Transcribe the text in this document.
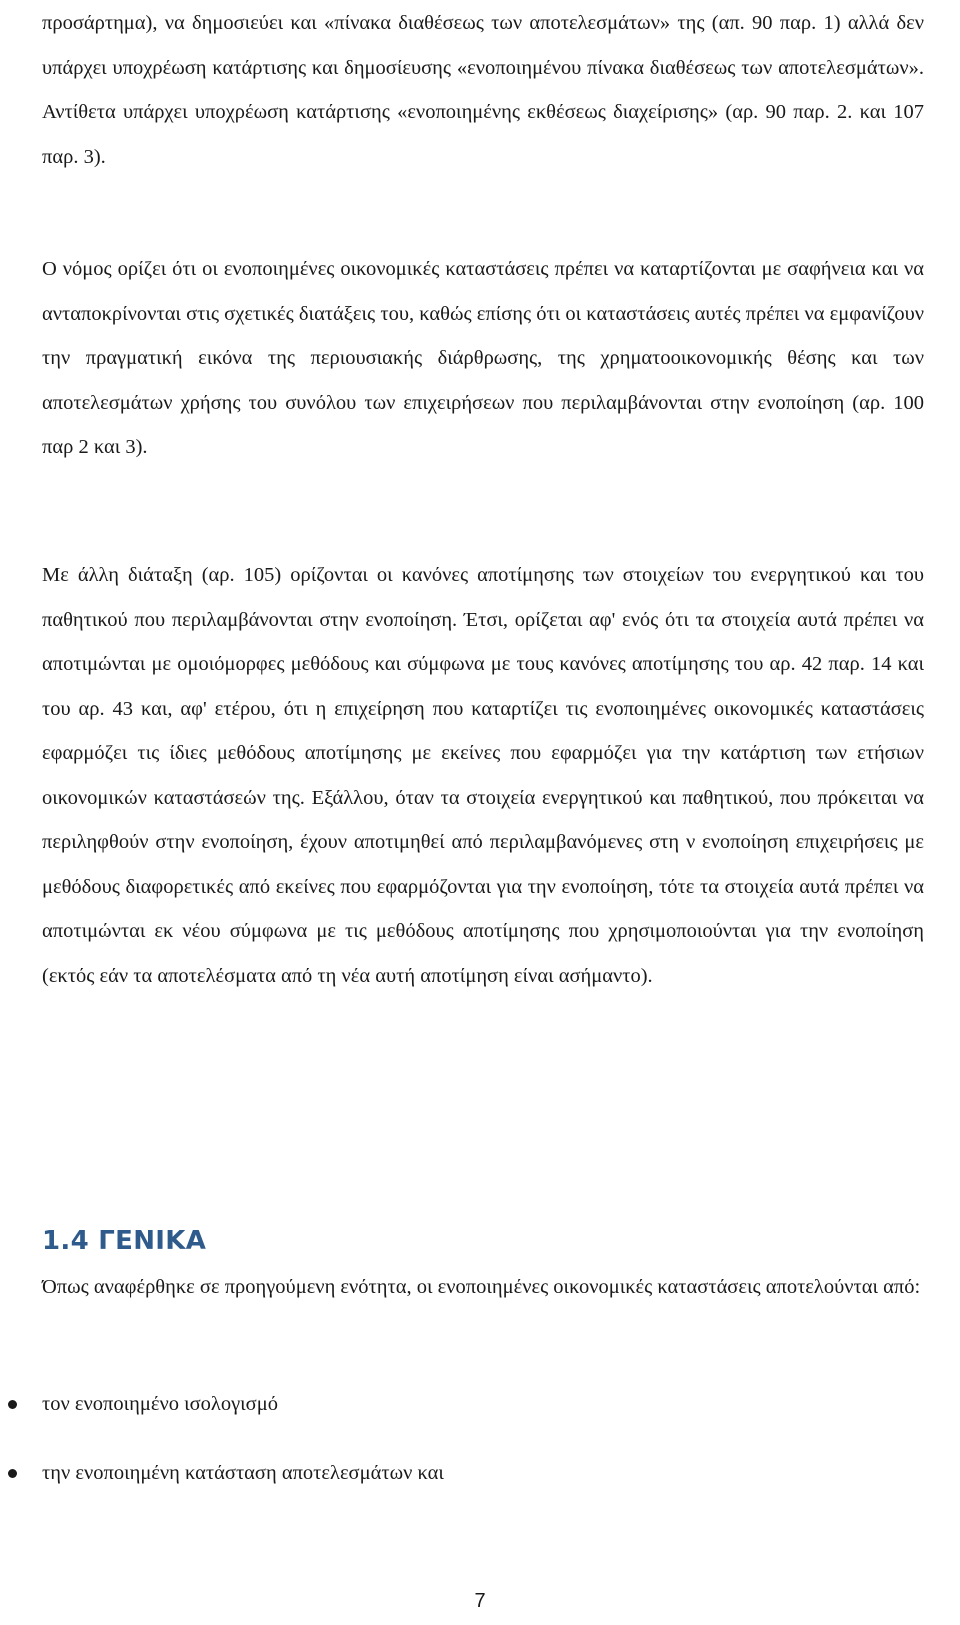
προσάρτημα), να δημοσιεύει και «πίνακα διαθέσεως των αποτελεσμάτων» της (απ. 90 παρ. 1) αλλά δεν υπάρχει υποχρέωση κατάρτισης και δημοσίευσης «ενοποιημένου πίνακα διαθέσεως των αποτελεσμάτων». Αντίθετα υπάρχει υποχρέωση κατάρτισης «ενοποιημένης εκθέσεως διαχείρισης» (αρ. 90 παρ. 2. και 107 παρ. 3).

Ο νόμος ορίζει ότι οι ενοποιημένες οικονομικές καταστάσεις πρέπει να καταρτίζονται με σαφήνεια και να ανταποκρίνονται στις σχετικές διατάξεις του, καθώς επίσης ότι οι καταστάσεις αυτές πρέπει να εμφανίζουν την πραγματική εικόνα της περιουσιακής διάρθρωσης, της χρηματοοικονομικής θέσης και των αποτελεσμάτων χρήσης του συνόλου των επιχειρήσεων που περιλαμβάνονται στην ενοποίηση (αρ. 100 παρ 2 και 3).

Με άλλη διάταξη (αρ. 105) ορίζονται οι κανόνες αποτίμησης των στοιχείων του ενεργητικού και του παθητικού που περιλαμβάνονται στην ενοποίηση. Έτσι, ορίζεται αφ' ενός ότι τα στοιχεία αυτά πρέπει να αποτιμώνται με ομοιόμορφες μεθόδους και σύμφωνα με τους κανόνες αποτίμησης του αρ. 42 παρ. 14 και του αρ. 43 και, αφ' ετέρου, ότι η επιχείρηση που καταρτίζει τις ενοποιημένες οικονομικές καταστάσεις εφαρμόζει τις ίδιες μεθόδους αποτίμησης με εκείνες που εφαρμόζει για την κατάρτιση των ετήσιων οικονομικών καταστάσεών της. Εξάλλου, όταν τα στοιχεία ενεργητικού και παθητικού, που πρόκειται να περιληφθούν στην ενοποίηση, έχουν αποτιμηθεί από περιλαμβανόμενες στη ν ενοποίηση επιχειρήσεις με μεθόδους διαφορετικές από εκείνες που εφαρμόζονται για την ενοποίηση, τότε τα στοιχεία αυτά πρέπει να αποτιμώνται εκ νέου σύμφωνα με τις μεθόδους αποτίμησης που χρησιμοποιούνται για την ενοποίηση (εκτός εάν τα αποτελέσματα από τη νέα αυτή αποτίμηση είναι ασήμαντο).

1.4 ΓΕΝΙΚΑ

Όπως αναφέρθηκε σε προηγούμενη ενότητα, οι ενοποιημένες οικονομικές καταστάσεις αποτελούνται από:

τον ενοποιημένο ισολογισμό
την ενοποιημένη κατάσταση αποτελεσμάτων και
7
